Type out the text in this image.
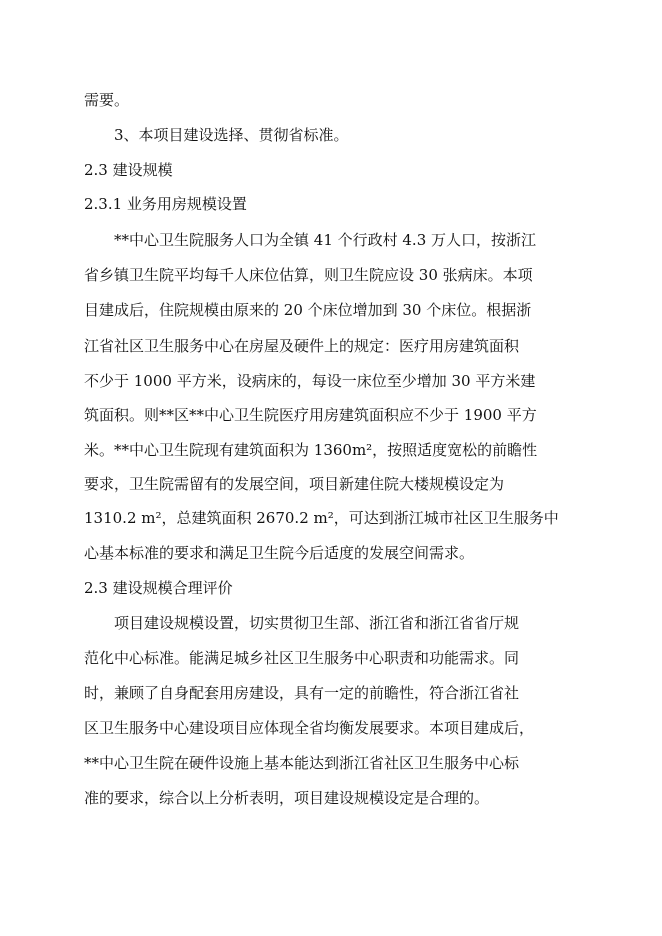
需要。
3、本项目建设选择、贯彻省标准。
2.3 建设规模
2.3.1 业务用房规模设置
**中心卫生院服务人口为全镇 41 个行政村 4.3 万人口，按浙江
省乡镇卫生院平均每千人床位估算，则卫生院应设 30 张病床。本项
目建成后，住院规模由原来的 20 个床位增加到 30 个床位。根据浙
江省社区卫生服务中心在房屋及硬件上的规定：医疗用房建筑面积
不少于 1000 平方米，设病床的，每设一床位至少增加 30 平方米建
筑面积。则**区**中心卫生院医疗用房建筑面积应不少于 1900 平方
米。**中心卫生院现有建筑面积为 1360m²，按照适度宽松的前瞻性
要求，卫生院需留有的发展空间，项目新建住院大楼规模设定为
1310.2 m²，总建筑面积 2670.2 m²，可达到浙江城市社区卫生服务中
心基本标准的要求和满足卫生院今后适度的发展空间需求。
2.3 建设规模合理评价
项目建设规模设置，切实贯彻卫生部、浙江省和浙江省省厅规
范化中心标准。能满足城乡社区卫生服务中心职责和功能需求。同
时，兼顾了自身配套用房建设，具有一定的前瞻性，符合浙江省社
区卫生服务中心建设项目应体现全省均衡发展要求。本项目建成后，
**中心卫生院在硬件设施上基本能达到浙江省社区卫生服务中心标
准的要求，综合以上分析表明，项目建设规模设定是合理的。
